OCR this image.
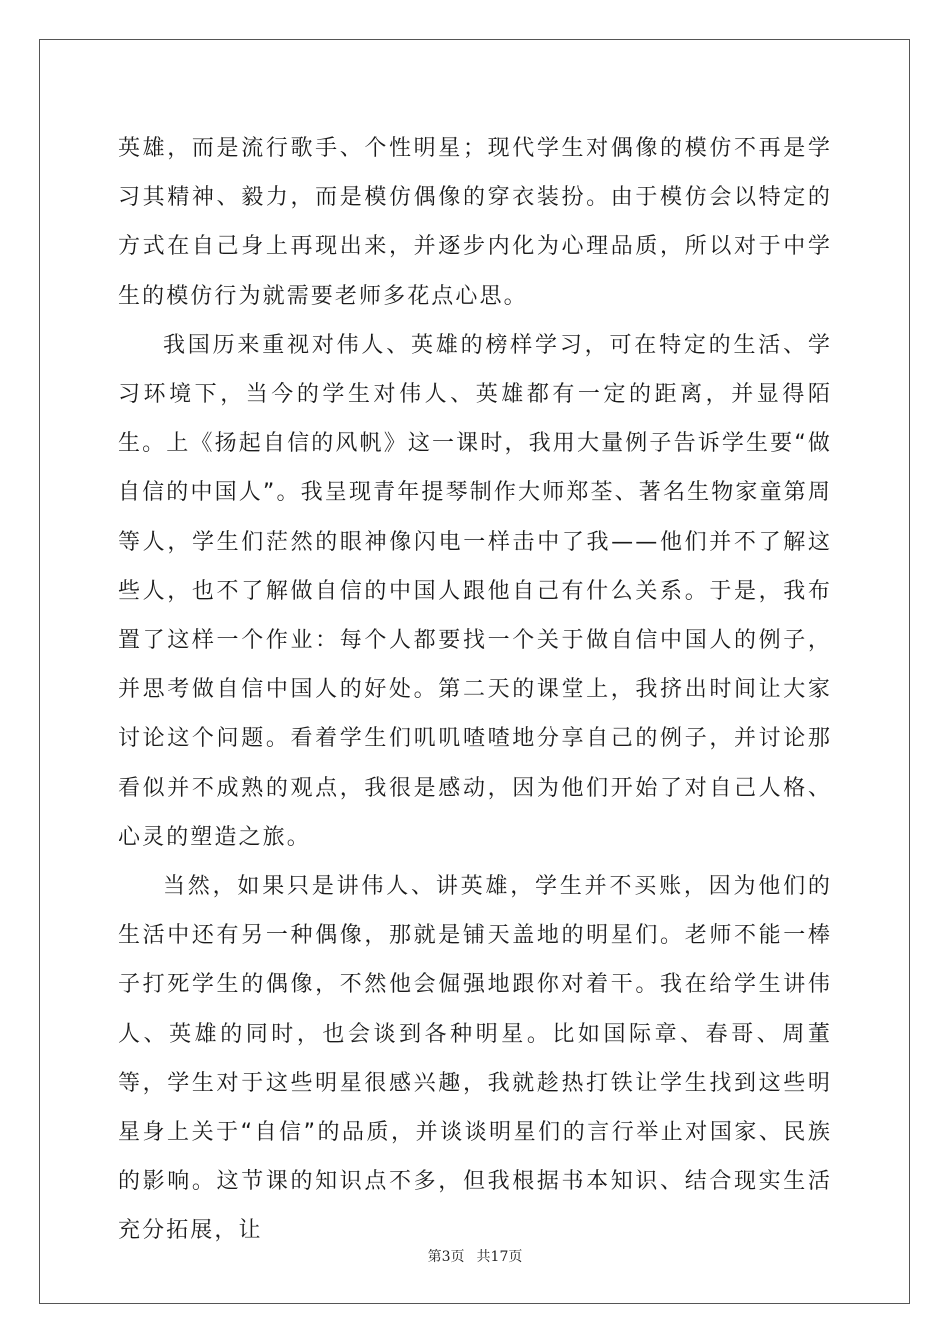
英雄，而是流行歌手、个性明星；现代学生对偶像的模仿不再是学习其精神、毅力，而是模仿偶像的穿衣装扮。由于模仿会以特定的方式在自己身上再现出来，并逐步内化为心理品质，所以对于中学生的模仿行为就需要老师多花点心思。

我国历来重视对伟人、英雄的榜样学习，可在特定的生活、学习环境下，当今的学生对伟人、英雄都有一定的距离，并显得陌生。上《扬起自信的风帆》这一课时，我用大量例子告诉学生要“做自信的中国人”。我呈现青年提琴制作大师郑荃、著名生物家童第周等人，学生们茫然的眼神像闪电一样击中了我——他们并不了解这些人，也不了解做自信的中国人跟他自己有什么关系。于是，我布置了这样一个作业：每个人都要找一个关于做自信中国人的例子，并思考做自信中国人的好处。第二天的课堂上，我挤出时间让大家讨论这个问题。看着学生们叽叽喳喳地分享自己的例子，并讨论那看似并不成熟的观点，我很是感动，因为他们开始了对自己人格、心灵的塑造之旅。

当然，如果只是讲伟人、讲英雄，学生并不买账，因为他们的生活中还有另一种偶像，那就是铺天盖地的明星们。老师不能一棒子打死学生的偶像，不然他会倔强地跟你对着干。我在给学生讲伟人、英雄的同时，也会谈到各种明星。比如国际章、春哥、周董等，学生对于这些明星很感兴趣，我就趁热打铁让学生找到这些明星身上关于“自信”的品质，并谈谈明星们的言行举止对国家、民族的影响。这节课的知识点不多，但我根据书本知识、结合现实生活充分拓展，让

第3页 共17页
